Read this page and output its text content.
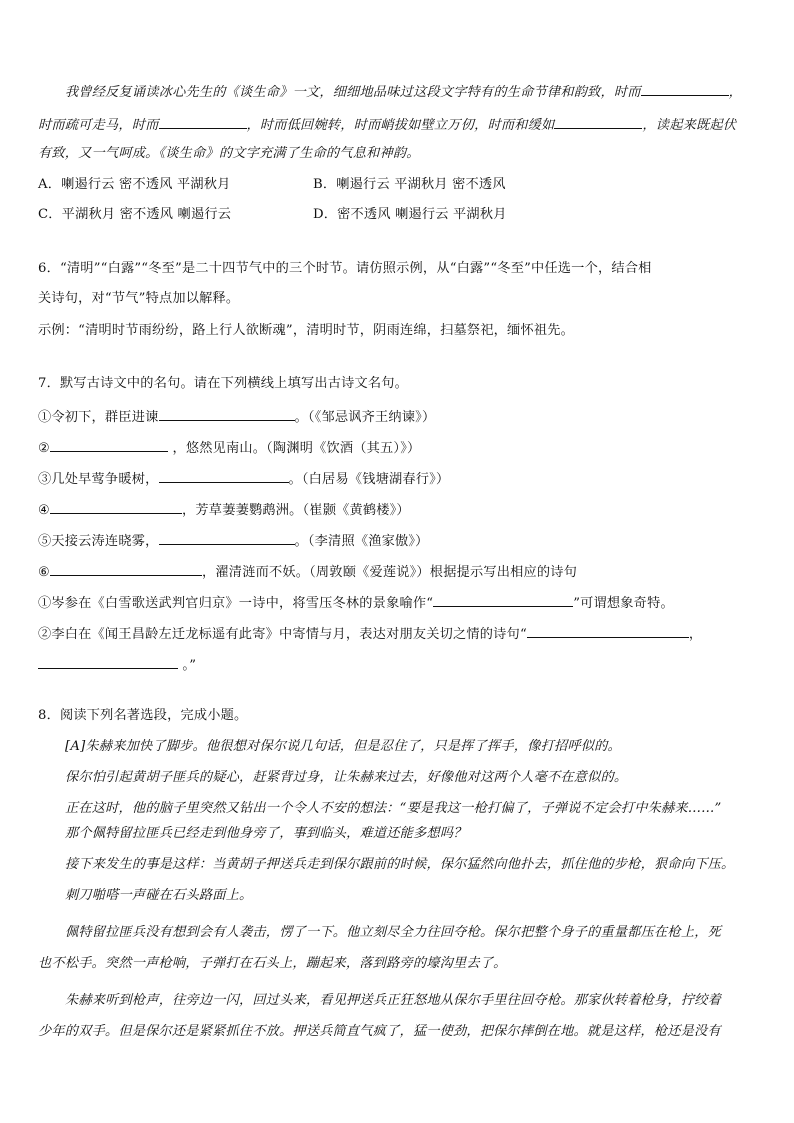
我曾经反复诵读冰心先生的《谈生命》一文，细细地品味过这段文字特有的生命节律和韵致，时而	，
时而疏可走马，时而	，时而低回婉转，时而峭拔如壁立万仞，时而和缓如	，读起来既起伏
有致，又一气呵成。《谈生命》的文字充满了生命的气息和神韵。
A．喇遏行云 密不透风 平湖秋月	B．喇遏行云 平湖秋月 密不透风
C．平湖秋月 密不透风 喇遏行云	D．密不透风 喇遏行云 平湖秋月
6．“清明”“白露”“冬至”是二十四节气中的三个时节。请仿照示例，从“白露”“冬至”中任选一个，结合相
关诗句，对“节气”特点加以解释。
示例：“清明时节雨纷纷，路上行人欲断魂”，清明时节，阴雨连绵，扫墓祭祀，缅怀祖先。
7．默写古诗文中的名句。请在下列横线上填写出古诗文名句。
①令初下，群臣进谏	。（《邹忌讽齐王纳谏》）
②	，悠然见南山。（陶渊明《饮酒（其五）》）
③几处早莺争暖树，	。（白居易《钱塘湖春行》）
④	，芳草萋萋鹦鹉洲。（崔颢《黄鹤楼》）
⑤天接云涛连晓雾，	。（李清照《渔家傲》）
⑥	，濯清涟而不妖。（周敦颐《爱莲说》）根据提示写出相应的诗句
①岑参在《白雪歌送武判官归京》一诗中，将雪压冬林的景象喻作“	”可谓想象奇特。
②李白在《闻王昌龄左迁龙标遥有此寄》中寄情与月，表达对朋友关切之情的诗句“	，
。”
8．阅读下列名著选段，完成小题。
[A]朱赫来加快了脚步。他很想对保尔说几句话，但是忍住了，只是挥了挥手，像打招呼似的。
保尔怕引起黄胡子匪兵的疑心，赶紧背过身，让朱赫来过去，好像他对这两个人毫不在意似的。
正在这时，他的脑子里突然又钻出一个令人不安的想法：“要是我这一枪打偏了，子弹说不定会打中朱赫来……”
那个佩特留拉匪兵已经走到他身旁了，事到临头，难道还能多想吗？
接下来发生的事是这样：当黄胡子押送兵走到保尔跟前的时候，保尔猛然向他扑去，抓住他的步枪，狠命向下压。
刺刀啪嗒一声碰在石头路面上。
佩特留拉匪兵没有想到会有人袭击，愣了一下。他立刻尽全力往回夺枪。保尔把整个身子的重量都压在枪上，死
也不松手。突然一声枪响，子弹打在石头上，蹦起来，落到路旁的壕沟里去了。
朱赫来听到枪声，往旁边一闪，回过头来，看见押送兵正狂怒地从保尔手里往回夺枪。那家伙转着枪身，拧绞着
少年的双手。但是保尔还是紧紧抓住不放。押送兵简直气疯了，猛一使劲，把保尔摔倒在地。就是这样，枪还是没有
